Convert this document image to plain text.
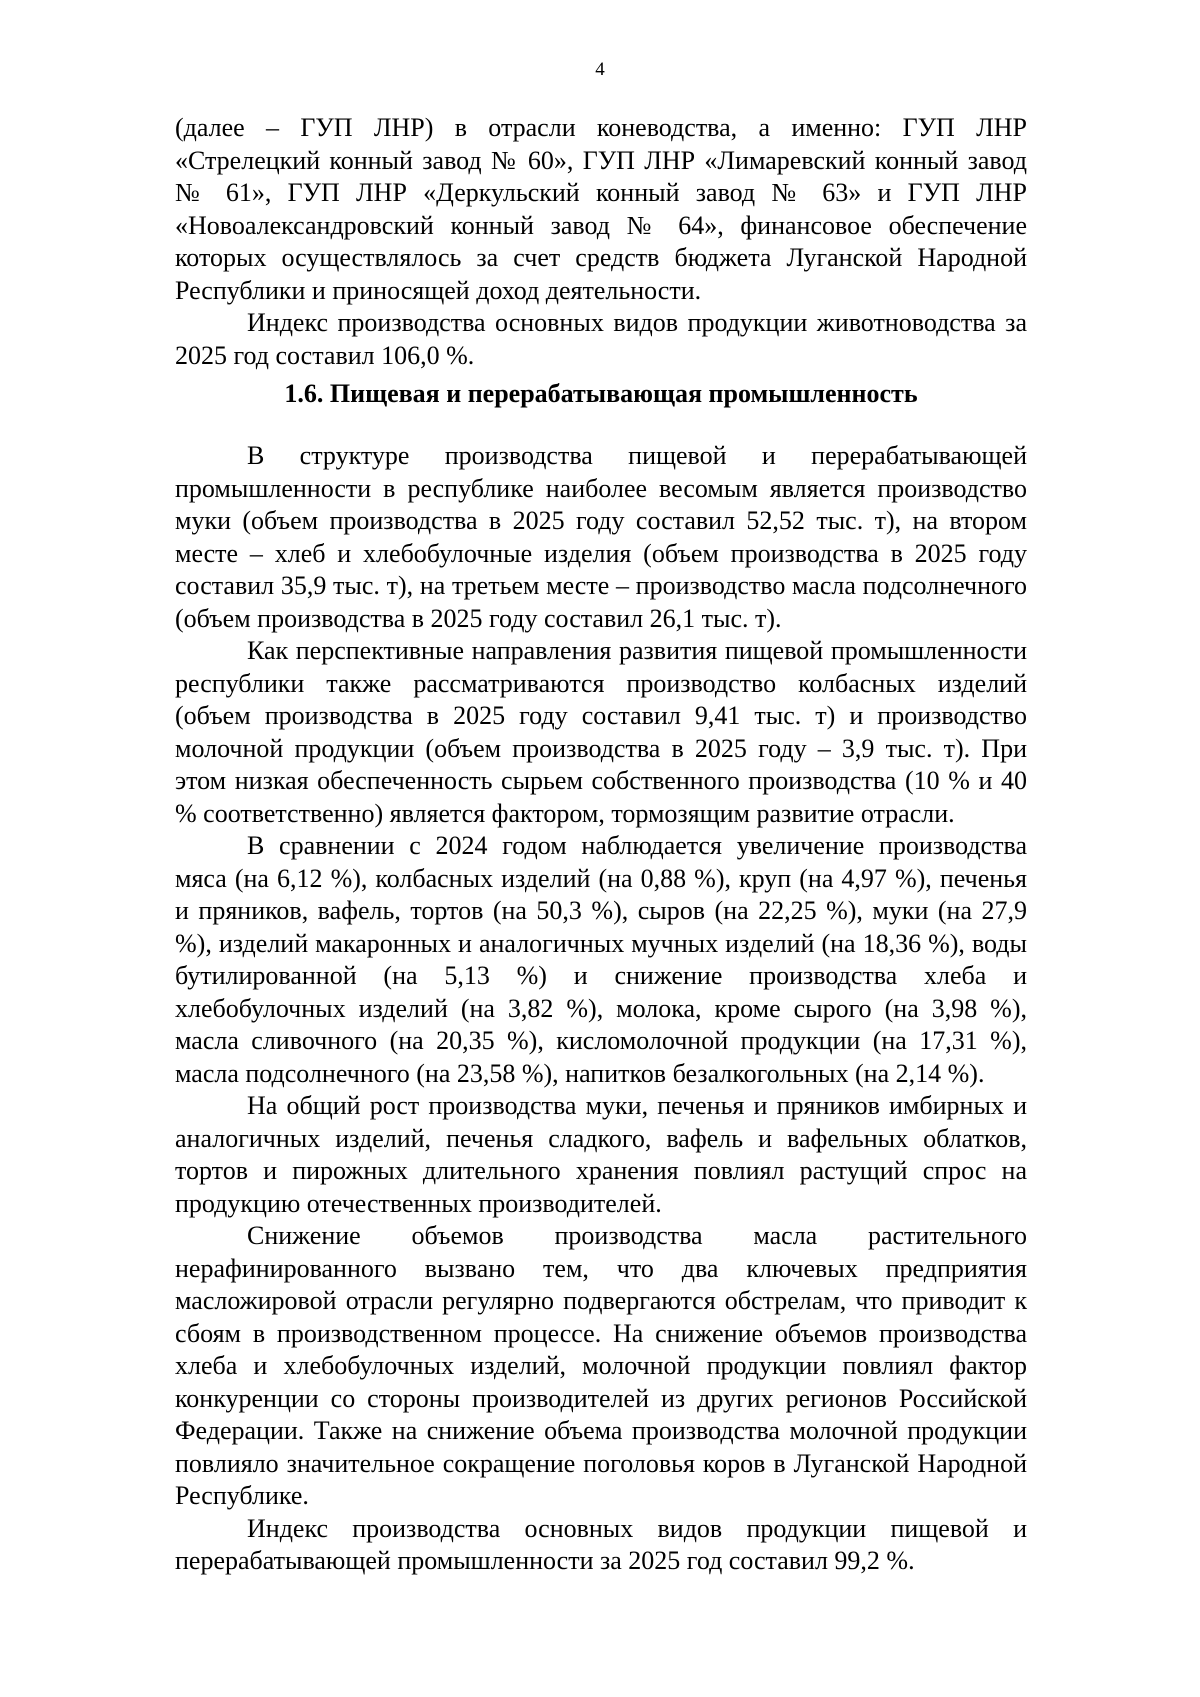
4

(далее – ГУП ЛНР) в отрасли коневодства, а именно: ГУП ЛНР «Стрелецкий конный завод № 60», ГУП ЛНР «Лимаревский конный завод № 61», ГУП ЛНР «Деркульский конный завод № 63» и ГУП ЛНР «Новоалександровский конный завод № 64», финансовое обеспечение которых осуществлялось за счет средств бюджета Луганской Народной Республики и приносящей доход деятельности.

Индекс производства основных видов продукции животноводства за 2025 год составил 106,0 %.

1.6. Пищевая и перерабатывающая промышленность

В структуре производства пищевой и перерабатывающей промышленности в республике наиболее весомым является производство муки (объем производства в 2025 году составил 52,52 тыс. т), на втором месте – хлеб и хлебобулочные изделия (объем производства в 2025 году составил 35,9 тыс. т), на третьем месте – производство масла подсолнечного (объем производства в 2025 году составил 26,1 тыс. т).

Как перспективные направления развития пищевой промышленности республики также рассматриваются производство колбасных изделий (объем производства в 2025 году составил 9,41 тыс. т) и производство молочной продукции (объем производства в 2025 году – 3,9 тыс. т). При этом низкая обеспеченность сырьем собственного производства (10 % и 40 % соответственно) является фактором, тормозящим развитие отрасли.

В сравнении с 2024 годом наблюдается увеличение производства мяса (на 6,12 %), колбасных изделий (на 0,88 %), круп (на 4,97 %), печенья и пряников, вафель, тортов (на 50,3 %), сыров (на 22,25 %), муки (на 27,9 %), изделий макаронных и аналогичных мучных изделий (на 18,36 %), воды бутилированной (на 5,13 %) и снижение производства хлеба и хлебобулочных изделий (на 3,82 %), молока, кроме сырого (на 3,98 %), масла сливочного (на 20,35 %), кисломолочной продукции (на 17,31 %), масла подсолнечного (на 23,58 %), напитков безалкогольных (на 2,14 %).

На общий рост производства муки, печенья и пряников имбирных и аналогичных изделий, печенья сладкого, вафель и вафельных облатков, тортов и пирожных длительного хранения повлиял растущий спрос на продукцию отечественных производителей.

Снижение объемов производства масла растительного нерафинированного вызвано тем, что два ключевых предприятия масложировой отрасли регулярно подвергаются обстрелам, что приводит к сбоям в производственном процессе. На снижение объемов производства хлеба и хлебобулочных изделий, молочной продукции повлиял фактор конкуренции со стороны производителей из других регионов Российской Федерации. Также на снижение объема производства молочной продукции повлияло значительное сокращение поголовья коров в Луганской Народной Республике.

Индекс производства основных видов продукции пищевой и перерабатывающей промышленности за 2025 год составил 99,2 %.
